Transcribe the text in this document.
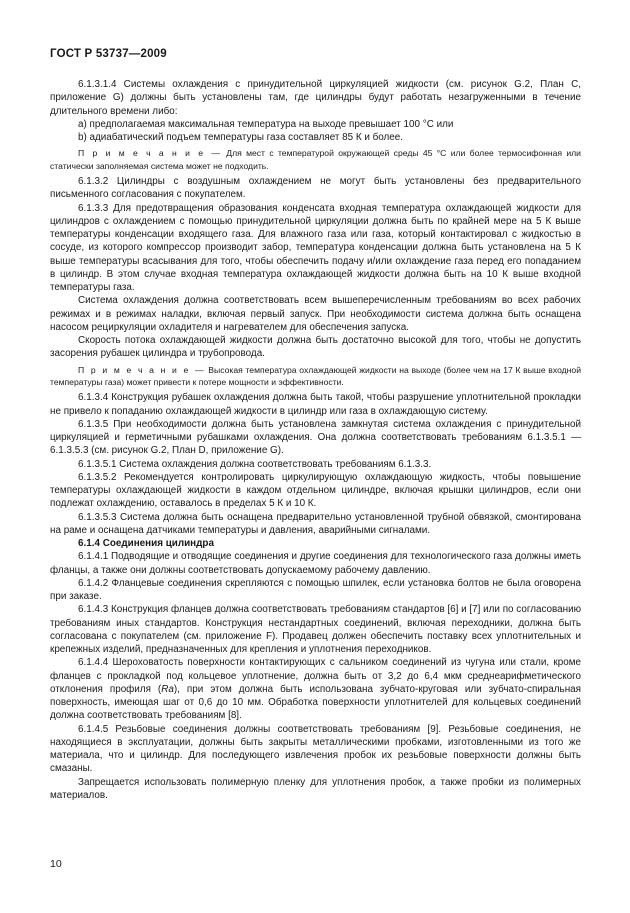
ГОСТ Р 53737—2009

6.1.3.1.4 Системы охлаждения с принудительной циркуляцией жидкости (см. рисунок G.2, План С, приложение G) должны быть установлены там, где цилиндры будут работать незагруженными в течение длительного времени либо:

a) предполагаемая максимальная температура на выходе превышает 100 °С или

b) адиабатический подъем температуры газа составляет 85 К и более.

П р и м е ч а н и е — Для мест с температурой окружающей среды 45 °С или более термосифонная или статически заполняемая система может не подходить.

6.1.3.2 Цилиндры с воздушным охлаждением не могут быть установлены без предварительного письменного согласования с покупателем.

6.1.3.3 Для предотвращения образования конденсата входная температура охлаждающей жидкости для цилиндров с охлаждением с помощью принудительной циркуляции должна быть по крайней мере на 5 К выше температуры конденсации входящего газа. Для влажного газа или газа, который контактировал с жидкостью в сосуде, из которого компрессор производит забор, температура конденсации должна быть установлена на 5 К выше температуры всасывания для того, чтобы обеспечить подачу и/или охлаждение газа перед его попаданием в цилиндр. В этом случае входная температура охлаждающей жидкости должна быть на 10 К выше входной температуры газа.

Система охлаждения должна соответствовать всем вышеперечисленным требованиям во всех рабочих режимах и в режимах наладки, включая первый запуск. При необходимости система должна быть оснащена насосом рециркуляции охладителя и нагревателем для обеспечения запуска.

Скорость потока охлаждающей жидкости должна быть достаточно высокой для того, чтобы не допустить засорения рубашек цилиндра и трубопровода.

П р и м е ч а н и е — Высокая температура охлаждающей жидкости на выходе (более чем на 17 К выше входной температуры газа) может привести к потере мощности и эффективности.

6.1.3.4 Конструкция рубашек охлаждения должна быть такой, чтобы разрушение уплотнительной прокладки не привело к попаданию охлаждающей жидкости в цилиндр или газа в охлаждающую систему.

6.1.3.5 При необходимости должна быть установлена замкнутая система охлаждения с принудительной циркуляцией и герметичными рубашками охлаждения. Она должна соответствовать требованиям 6.1.3.5.1 — 6.1.3.5.3 (см. рисунок G.2, План D, приложение G).

6.1.3.5.1 Система охлаждения должна соответствовать требованиям 6.1.3.3.

6.1.3.5.2 Рекомендуется контролировать циркулирующую охлаждающую жидкость, чтобы повышение температуры охлаждающей жидкости в каждом отдельном цилиндре, включая крышки цилиндров, если они подлежат охлаждению, оставалось в пределах 5 К и 10 К.

6.1.3.5.3 Система должна быть оснащена предварительно установленной трубной обвязкой, смонтирована на раме и оснащена датчиками температуры и давления, аварийными сигналами.

6.1.4 Соединения цилиндра

6.1.4.1 Подводящие и отводящие соединения и другие соединения для технологического газа должны иметь фланцы, а также они должны соответствовать допускаемому рабочему давлению.

6.1.4.2 Фланцевые соединения скрепляются с помощью шпилек, если установка болтов не была оговорена при заказе.

6.1.4.3 Конструкция фланцев должна соответствовать требованиям стандартов [6] и [7] или по согласованию требованиям иных стандартов. Конструкция нестандартных соединений, включая переходники, должна быть согласована с покупателем (см. приложение F). Продавец должен обеспечить поставку всех уплотнительных и крепежных изделий, предназначенных для крепления и уплотнения переходников.

6.1.4.4 Шероховатость поверхности контактирующих с сальником соединений из чугуна или стали, кроме фланцев с прокладкой под кольцевое уплотнение, должна быть от 3,2 до 6,4 мкм среднеарифметического отклонения профиля (Ra), при этом должна быть использована зубчато-круговая или зубчато-спиральная поверхность, имеющая шаг от 0,6 до 10 мм. Обработка поверхности уплотнителей для кольцевых соединений должна соответствовать требованиям [8].

6.1.4.5 Резьбовые соединения должны соответствовать требованиям [9]. Резьбовые соединения, не находящиеся в эксплуатации, должны быть закрыты металлическими пробками, изготовленными из того же материала, что и цилиндр. Для последующего извлечения пробок их резьбовые поверхности должны быть смазаны.

Запрещается использовать полимерную пленку для уплотнения пробок, а также пробки из полимерных материалов.

10
